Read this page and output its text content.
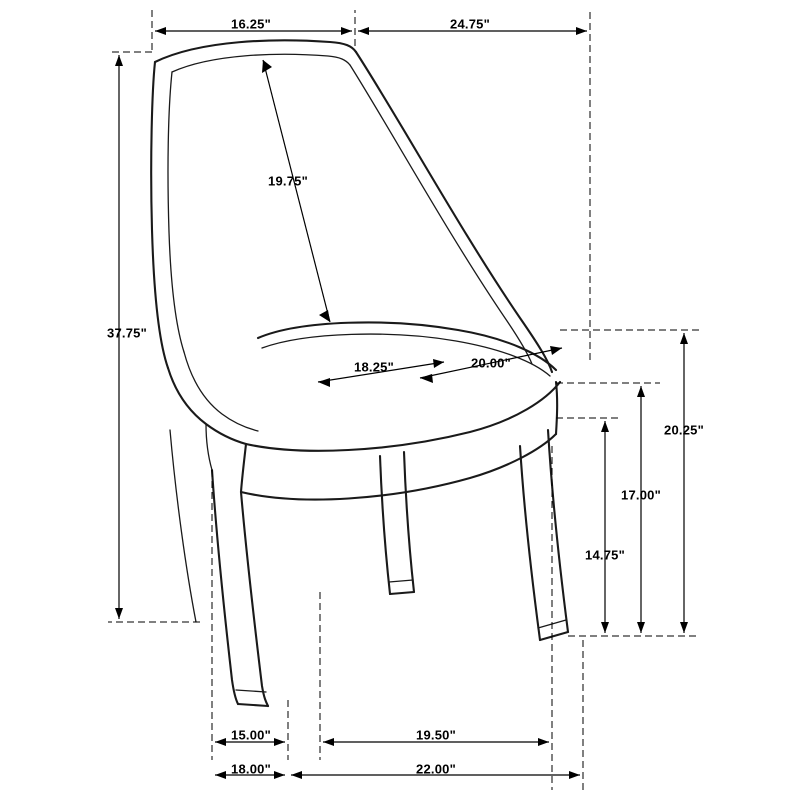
16.25"	24.75"
19.75"
37.75"
18.25"	20.00"
20.25"
17.00"
14.75"
15.00"	19.50"
18.00"	22.00"
